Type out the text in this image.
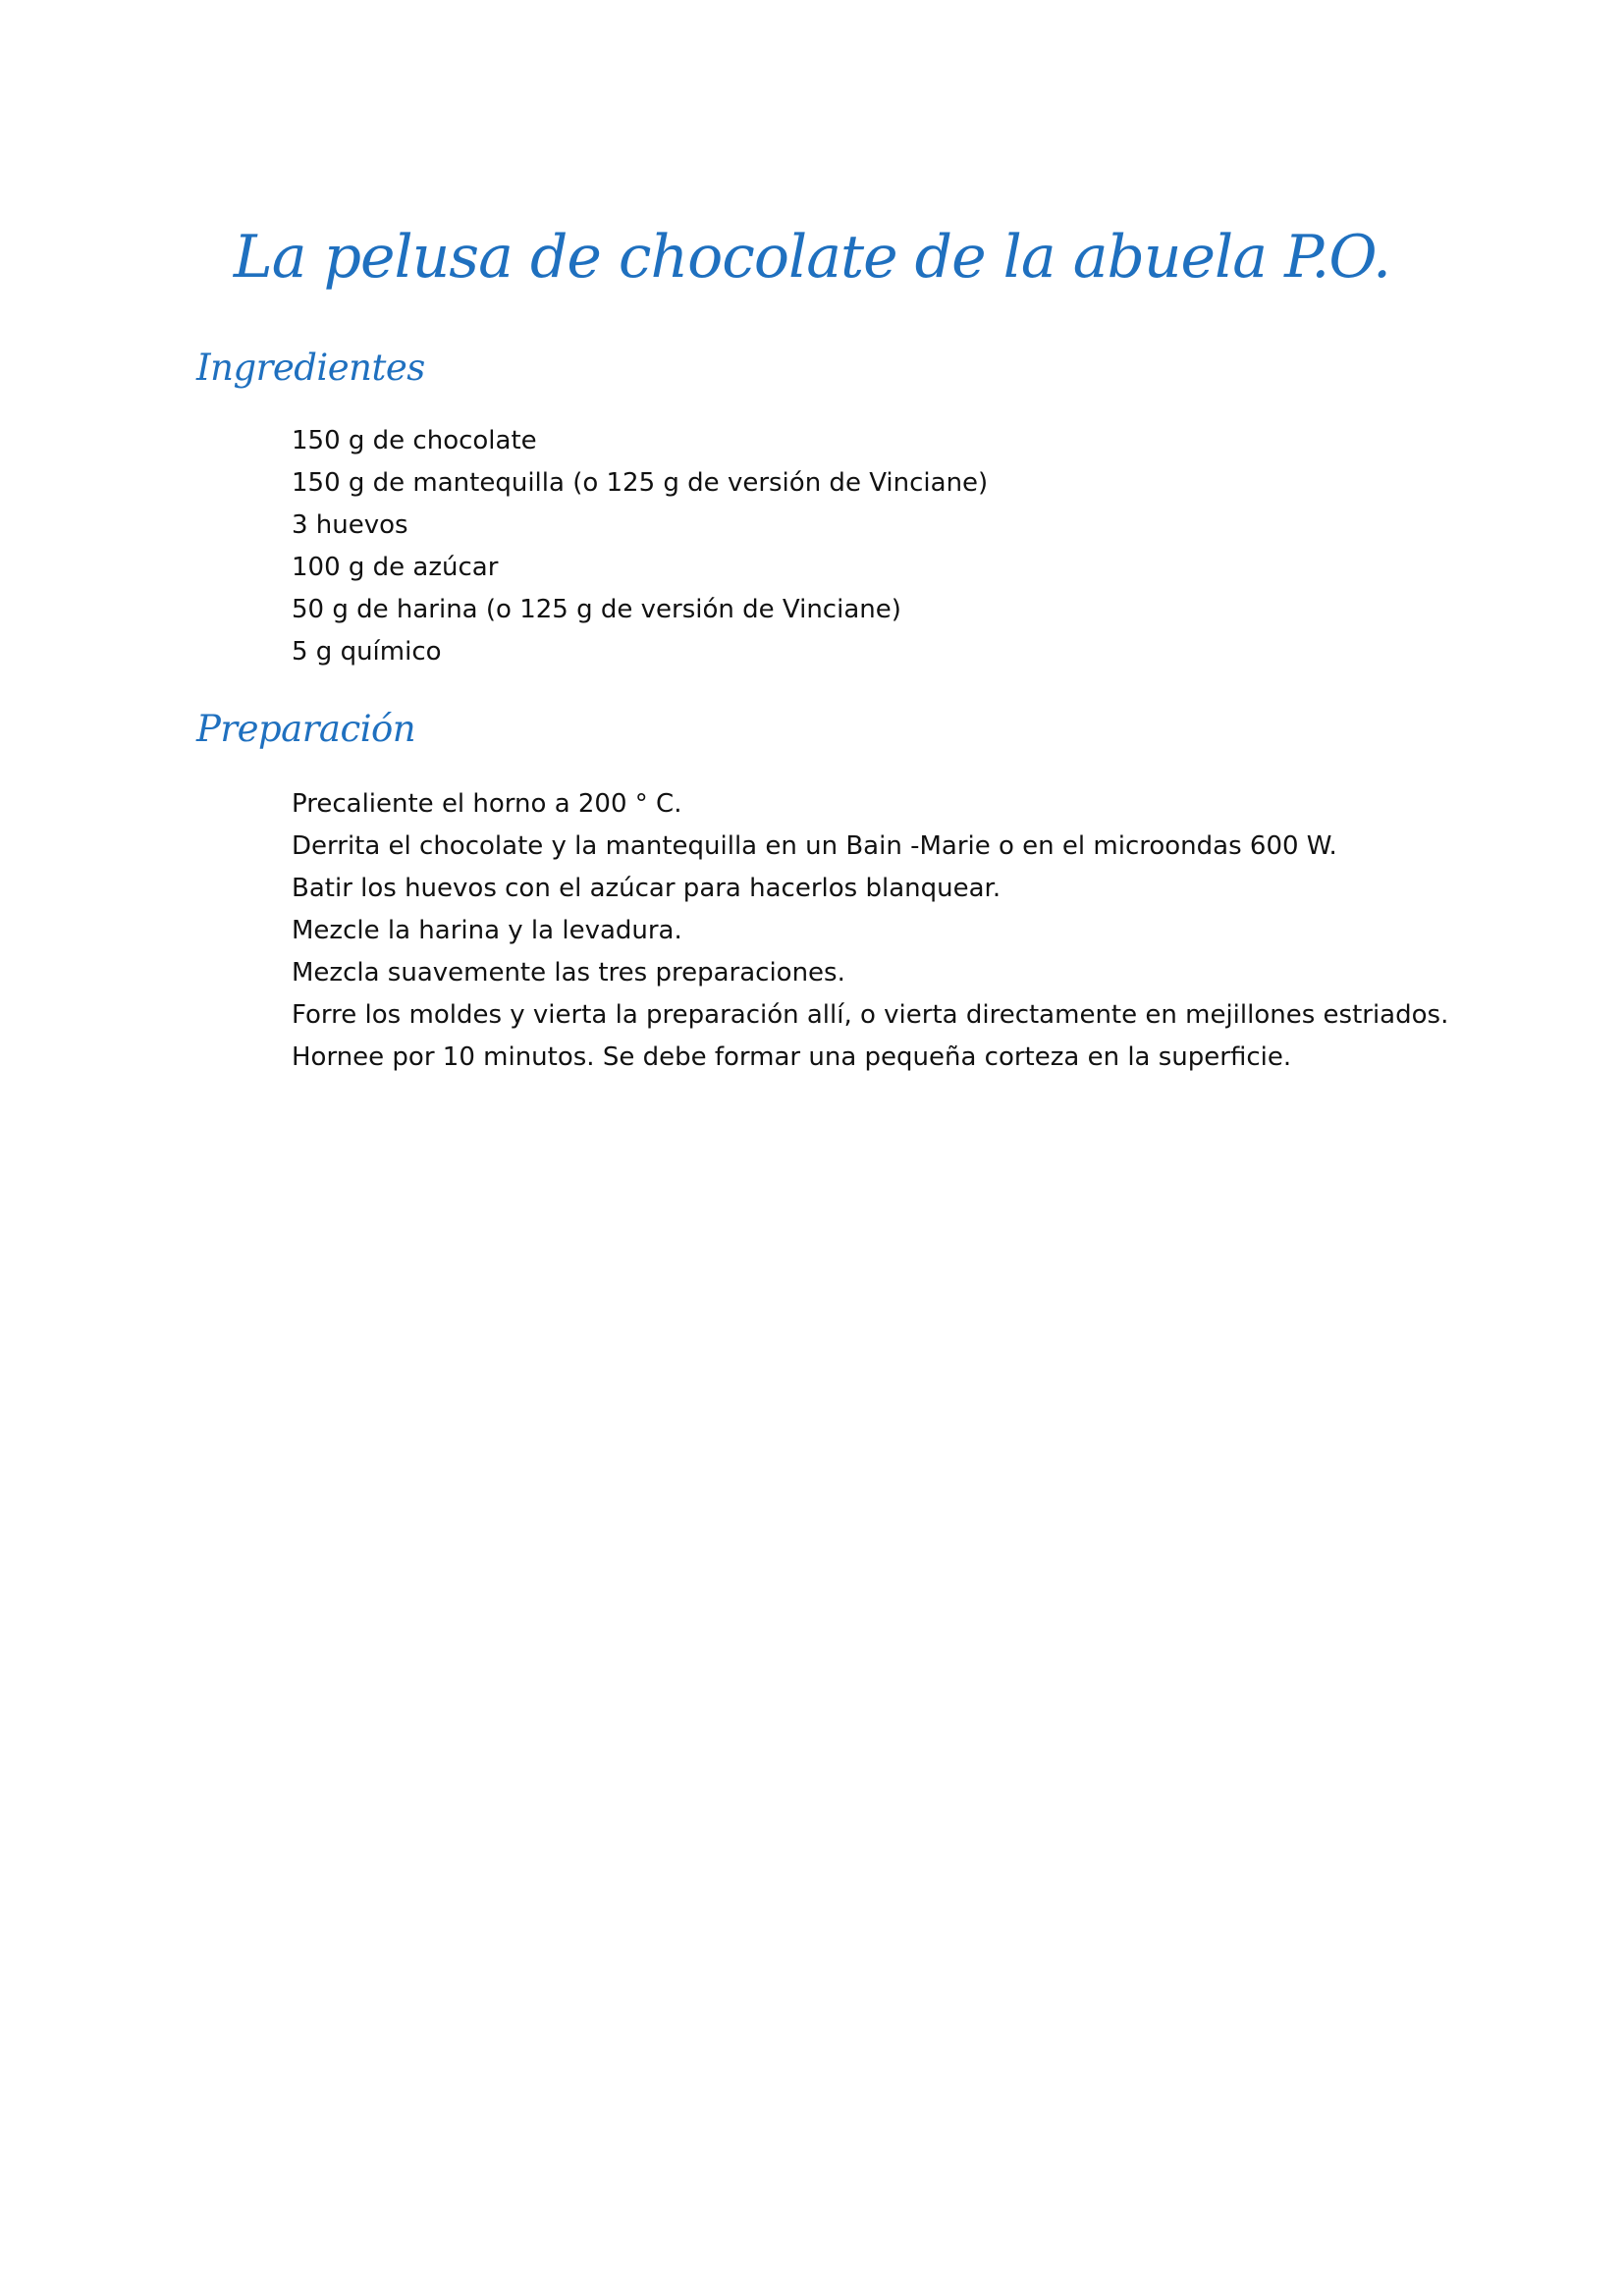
La pelusa de chocolate de la abuela P.O.
Ingredientes
150 g de chocolate
150 g de mantequilla (o 125 g de versión de Vinciane)
3 huevos
100 g de azúcar
50 g de harina (o 125 g de versión de Vinciane)
5 g químico
Preparación
Precaliente el horno a 200 ° C.
Derrita el chocolate y la mantequilla en un Bain -Marie o en el microondas 600 W.
Batir los huevos con el azúcar para hacerlos blanquear.
Mezcle la harina y la levadura.
Mezcla suavemente las tres preparaciones.
Forre los moldes y vierta la preparación allí, o vierta directamente en mejillones estriados.
Hornee por 10 minutos. Se debe formar una pequeña corteza en la superficie.
